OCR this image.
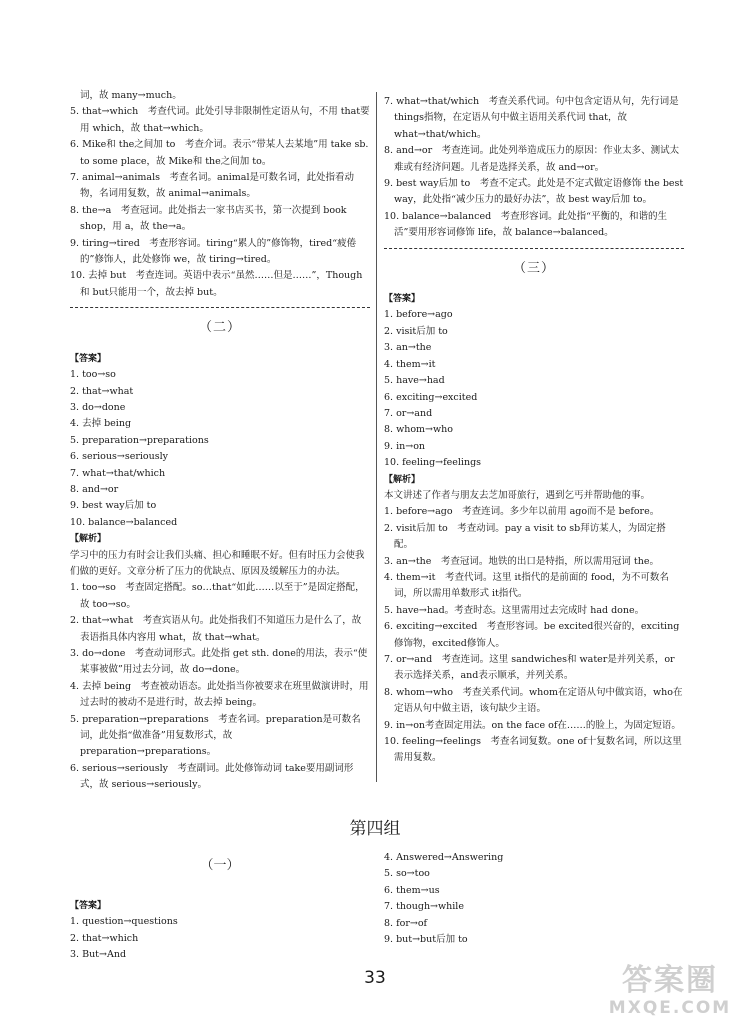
词，故 many→much。
5. that→which　考查代词。此处引导非限制性定语从句，不用 that要用 which，故 that→which。
6. Mike和 the之间加 to　考查介词。表示“带某人去某地”用 take sb. to some place，故 Mike和 the之间加 to。
7. animal→animals　考查名词。animal是可数名词，此处指看动物，名词用复数，故 animal→animals。
8. the→a　考查冠词。此处指去一家书店买书，第一次提到 book shop，用 a，故 the→a。
9. tiring→tired　考查形容词。tiring“累人的”修饰物，tired“疲倦的”修饰人，此处修饰 we，故 tiring→tired。
10. 去掉 but　考查连词。英语中表示“虽然……但是……”，Though和 but只能用一个，故去掉 but。
（二）
【答案】
1. too→so
2. that→what
3. do→done
4. 去掉 being
5. preparation→preparations
6. serious→seriously
7. what→that/which
8. and→or
9. best way后加 to
10. balance→balanced
【解析】
学习中的压力有时会让我们头痛、担心和睡眠不好。但有时压力会使我们做的更好。文章分析了压力的优缺点、原因及缓解压力的办法。
1. too→so　考查固定搭配。so…that“如此……以至于”是固定搭配，故 too→so。
2. that→what　考查宾语从句。此处指我们不知道压力是什么了，故表语指具体内容用 what，故 that→what。
3. do→done　考查动词形式。此处指 get sth. done的用法，表示“使某事被做”用过去分词，故 do→done。
4. 去掉 being　考查被动语态。此处指当你被要求在班里做演讲时，用过去时的被动不是进行时，故去掉 being。
5. preparation→preparations　考查名词。preparation是可数名词，此处指“做准备”用复数形式，故 preparation→preparations。
6. serious→seriously　考查副词。此处修饰动词 take要用副词形式，故 serious→seriously。
7. what→that/which　考查关系代词。句中包含定语从句，先行词是 things指物，在定语从句中做主语用关系代词 that，故 what→that/which。
8. and→or　考查连词。此处列举造成压力的原因：作业太多、测试太难或有经济问题。儿者是选择关系，故 and→or。
9. best way后加 to　考查不定式。此处是不定式做定语修饰 the best way，此处指“减少压力的最好办法”，故 best way后加 to。
10. balance→balanced　考查形容词。此处指“平衡的，和谐的生活”要用形容词修饰 life，故 balance→balanced。
（三）
【答案】
1. before→ago
2. visit后加 to
3. an→the
4. them→it
5. have→had
6. exciting→excited
7. or→and
8. whom→who
9. in→on
10. feeling→feelings
【解析】
本文讲述了作者与朋友去芝加哥旅行，遇到乞丐并帮助他的事。
1. before→ago　考查连词。多少年以前用 ago而不是 before。
2. visit后加 to　考查动词。pay a visit to sb拜访某人，为固定搭配。
3. an→the　考查冠词。地铁的出口是特指，所以需用冠词 the。
4. them→it　考查代词。这里 it指代的是前面的 food，为不可数名词，所以需用单数形式 it指代。
5. have→had。考查时态。这里需用过去完成时 had done。
6. exciting→excited　考查形容词。be excited很兴奋的，exciting修饰物，excited修饰人。
7. or→and　考查连词。这里 sandwiches和 water是并列关系，or表示选择关系，and表示顺承，并列关系。
8. whom→who　考查关系代词。whom在定语从句中做宾语，who在定语从句中做主语，该句缺少主语。
9. in→on考查固定用法。on the face of在……的脸上，为固定短语。
10. feeling→feelings　考查名词复数。one of十复数名词，所以这里需用复数。
第四组
（一）
【答案】
1. question→questions
2. that→which
3. But→And
4. Answered→Answering
5. so→too
6. them→us
7. though→while
8. for→of
9. but→but后加 to
33	答案圈
MXQE.COM
